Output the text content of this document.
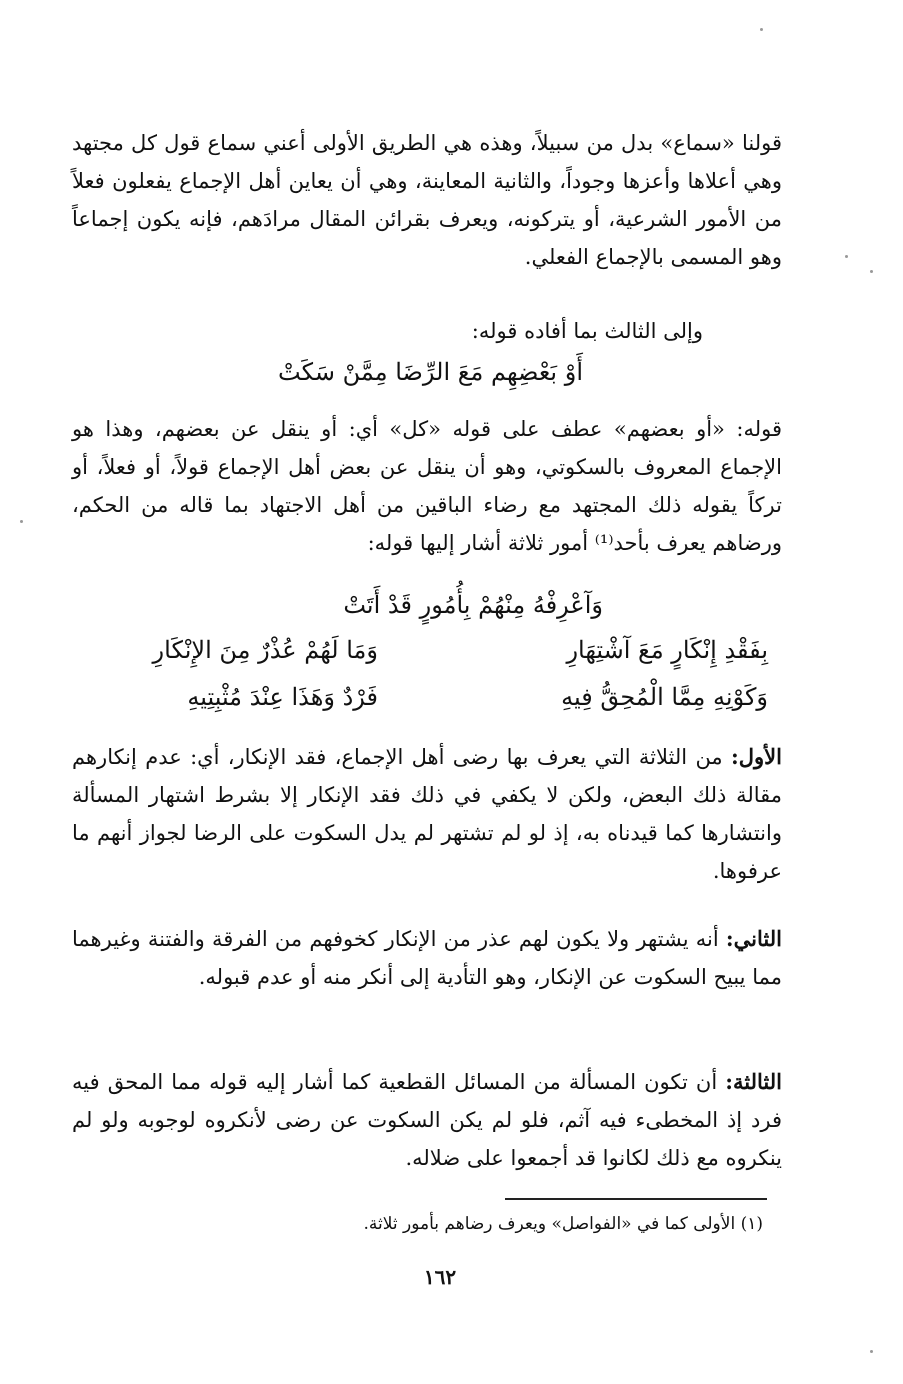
قولنا «سماع» بدل من سبيلاً، وهذه هي الطريق الأولى أعني سماع قول كل مجتهد وهي أعلاها وأعزها وجوداً، والثانية المعاينة، وهي أن يعاين أهل الإجماع يفعلون فعلاً من الأمور الشرعية، أو يتركونه، ويعرف بقرائن المقال مرادَهم، فإنه يكون إجماعاً وهو المسمى بالإجماع الفعلي.
وإلى الثالث بما أفاده قوله:
أَوْ بَعْضِهِم مَعَ الرِّضَا مِمَّنْ سَكَتْ
قوله: «أو بعضهم» عطف على قوله «كل» أي: أو ينقل عن بعضهم، وهذا هو الإجماع المعروف بالسكوتي، وهو أن ينقل عن بعض أهل الإجماع قولاً، أو فعلاً، أو تركاً يقوله ذلك المجتهد مع رضاء الباقين من أهل الاجتهاد بما قاله من الحكم، ورضاهم يعرف بأحد⁽¹⁾ أمور ثلاثة أشار إليها قوله:
وَآعْرِفْهُ مِنْهُمْ بِأُمُورٍ قَدْ أَتَتْ
بِفَقْدِ إِنْكَارٍ مَعَ آشْتِهَارِ
وَمَا لَهُمْ عُذْرٌ مِنَ الإِنْكَارِ
وَكَوْنِهِ مِمَّا الْمُحِقُّ فِيهِ
فَرْدٌ وَهَذَا عِنْدَ مُثْبِتِيهِ
الأول: من الثلاثة التي يعرف بها رضى أهل الإجماع، فقد الإنكار، أي: عدم إنكارهم مقالة ذلك البعض، ولكن لا يكفي في ذلك فقد الإنكار إلا بشرط اشتهار المسألة وانتشارها كما قيدناه به، إذ لو لم تشتهر لم يدل السكوت على الرضا لجواز أنهم ما عرفوها.
الثاني: أنه يشتهر ولا يكون لهم عذر من الإنكار كخوفهم من الفرقة والفتنة وغيرهما مما يبيح السكوت عن الإنكار، وهو التأدية إلى أنكر منه أو عدم قبوله.
الثالثة: أن تكون المسألة من المسائل القطعية كما أشار إليه قوله مما المحق فيه فرد إذ المخطىء فيه آثم، فلو لم يكن السكوت عن رضى لأنكروه لوجوبه ولو لم ينكروه مع ذلك لكانوا قد أجمعوا على ضلاله.
(١) الأولى كما في «الفواصل» ويعرف رضاهم بأمور ثلاثة.
١٦٢
